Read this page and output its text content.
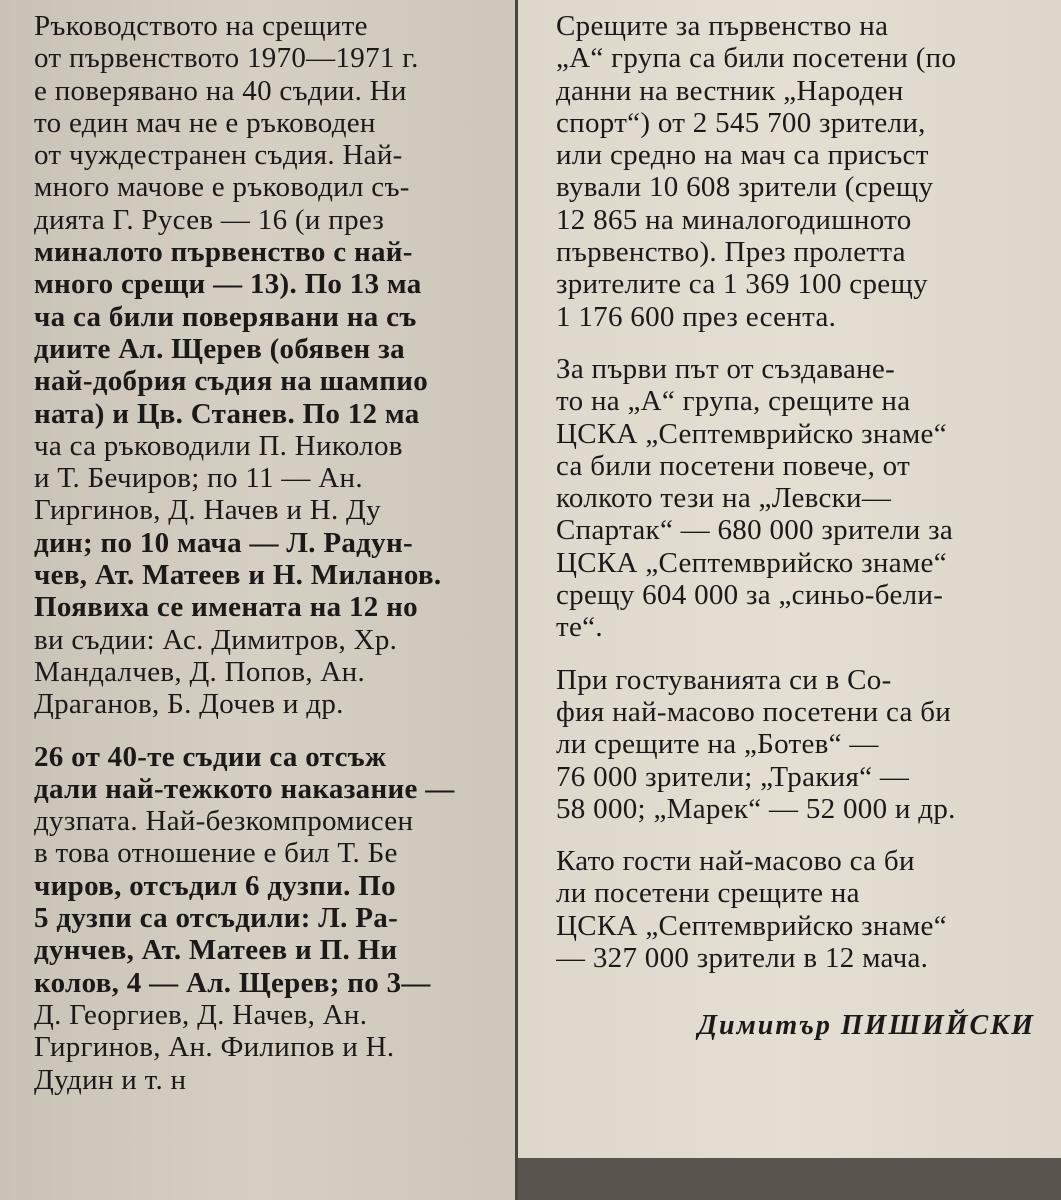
Ръководството на срещите
от първенството 1970—1971 г.
е поверявано на 40 съдии. Ни
то един мач не е ръководен
от чуждестранен съдия. Най-
много мачове е ръководил съ-
дията Г. Русев — 16 (и през
миналото първенство с най-
много срещи — 13). По 13 ма
ча са били поверявани на съ
диите Ал. Щерев (обявен за
най-добрия съдия на шампио
ната) и Цв. Станев. По 12 ма
ча са ръководили П. Николов
и Т. Бечиров; по 11 — Ан.
Гиргинов, Д. Начев и Н. Ду
дин; по 10 мача — Л. Радун-
чев, Ат. Матеев и Н. Миланов.
Появиха се имената на 12 но
ви съдии: Ас. Димитров, Хр.
Мандалчев, Д. Попов, Ан.
Драганов, Б. Дочев и др.
26 от 40-те съдии са отсъж
дали най-тежкото наказание —
дузпата. Най-безкомпромисен
в това отношение е бил Т. Бе
чиров, отсъдил 6 дузпи. По
5 дузпи са отсъдили: Л. Ра-
дунчев, Ат. Матеев и П. Ни
колов, 4 — Ал. Щерев; по 3—
Д. Георгиев, Д. Начев, Ан.
Гиргинов, Ан. Филипов и Н.
Дудин и т. н
Срещите за първенство на
„А“ група са били посетени (по
данни на вестник „Народен
спорт“) от 2 545 700 зрители,
или средно на мач са присъст
вували 10 608 зрители (срещу
12 865 на миналогодишното
първенство). През пролетта
зрителите са 1 369 100 срещу
1 176 600 през есента.
За първи път от създаване-
то на „А“ група, срещите на
ЦСКА „Септемврийско знаме“
са били посетени повече, от
колкото тези на „Левски—
Спартак“ — 680 000 зрители за
ЦСКА „Септемврийско знаме“
срещу 604 000 за „синьо-бели-
те“.
При гостуванията си в Со-
фия най-масово посетени са би
ли срещите на „Ботев“ —
76 000 зрители; „Тракия“ —
58 000; „Марек“ — 52 000 и др.
Като гости най-масово са би
ли посетени срещите на
ЦСКА „Септемврийско знаме“
— 327 000 зрители в 12 мача.
Димитър ПИШИЙСКИ
